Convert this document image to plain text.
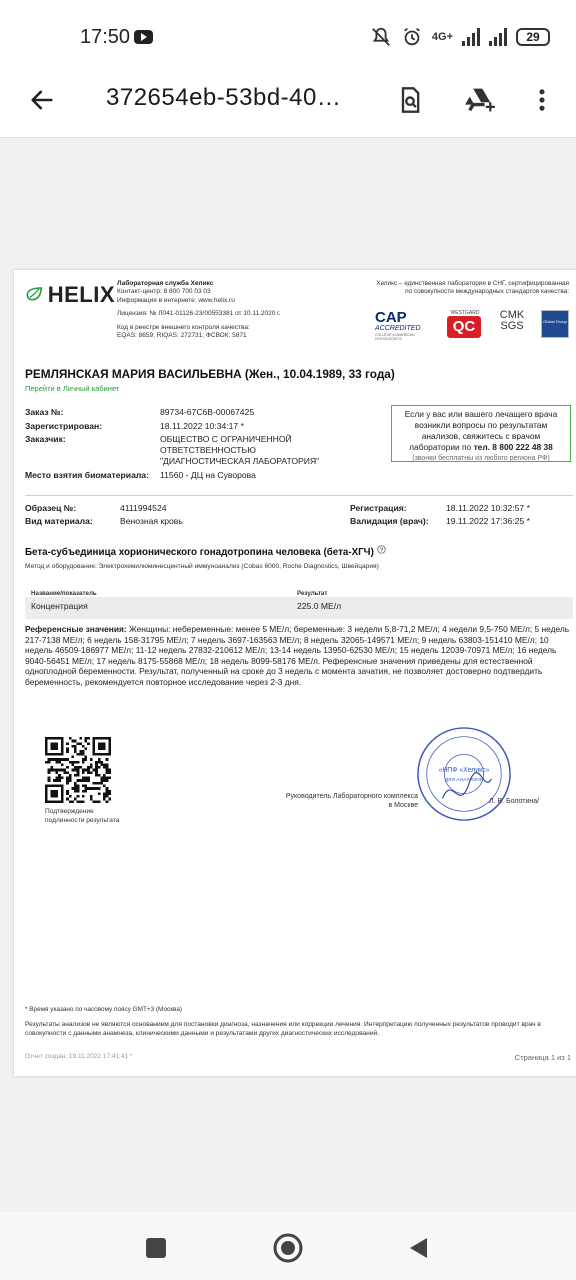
17:50	4G+	29
372654eb-53bd-40…
HELIX Лабораторная служба Хеликс
Контакт-центр: 8 800 700 03 03
Информация в интернете: www.helix.ru
Лицензия: № Л041-01126-23/00553381 от 10.11.2020 г.
Код в реестре внешнего контроля качества:
EQAS: 8659; RIQAS: 272731; ФСВОК: 5871
Хеликс – единственная лаборатория в СНГ, сертифицированная по совокупности международных стандартов качества:
CAP
ACCREDITED
COLLEGE of AMERICAN PATHOLOGISTS
WESTGARD
QC
CMK
SGS	Global Group
РЕМЛЯНСКАЯ МАРИЯ ВАСИЛЬЕВНА (Жен., 10.04.1989, 33 года)
Перейти в Личный кабинет
Заказ №:	89734-67C6B-00067425
Зарегистрирован:	18.11.2022 10:34:17 *
Заказчик:	ОБЩЕСТВО С ОГРАНИЧЕННОЙ ОТВЕТСТВЕННОСТЬЮ "ДИАГНОСТИЧЕСКАЯ ЛАБОРАТОРИЯ"
Место взятия биоматериала: 11560 - ДЦ на Суворова
Если у вас или вашего лечащего врача возникли вопросы по результатам анализов, свяжитесь с врачом лаборатории по тел. 8 800 222 48 38
(звонки бесплатны из любого региона РФ)
Образец №:	4111994524
Вид материала:	Венозная кровь
Регистрация:	18.11.2022 10:32:57 *
Валидация (врач): 19.11.2022 17:36:25 *
Бета-субъединица хорионического гонадотропина человека (бета-ХГЧ) ?
Метод и оборудование: Электрохемилюминесцентный иммуноанализ (Cobas 6000, Roche Diagnostics, Швейцария)
Название/показатель	Результат
Концентрация	225.0 МЕ/л
Референсные значения: Женщины: небеременные: менее 5 МЕ/л; беременные: 3 недели 5,8-71,2 МЕ/л; 4 недели 9,5-750 МЕ/л; 5 недель 217-7138 МЕ/л; 6 недель 158-31795 МЕ/л; 7 недель 3697-163563 МЕ/л; 8 недель 32065-149571 МЕ/л; 9 недель 63803-151410 МЕ/л; 10 недель 46509-186977 МЕ/л; 11-12 недель 27832-210612 МЕ/л; 13-14 недель 13950-62530 МЕ/л; 15 недель 12039-70971 МЕ/л; 16 недель 9040-56451 МЕ/л; 17 недель 8175-55868 МЕ/л; 18 недель 8099-58176 МЕ/л. Референсные значения приведены для естественной одноплодной беременности. Результат, полученный на сроке до 3 недель с момента зачатия, не позволяет достоверно подтвердить беременность, рекомендуется повторное исследование через 2-3 дня.
Подтверждение
подлинности результата
Руководитель Лабораторного комплекса
в Москве
«НПФ «Хеликс»
ДЛЯ АНАЛИЗОВ
Л. В. Болотина/
* Время указано по часовому поясу GMT+3 (Москва)
Результаты анализов не являются основанием для постановки диагноза, назначения или коррекции лечения. Интерпретацию полученных результатов проводит врач в совокупности с данными анамнеза, клиническими данными и результатами других диагностических исследований.
Отчет создан: 19.11.2022 17:41:41 *	Страница 1 из 1
